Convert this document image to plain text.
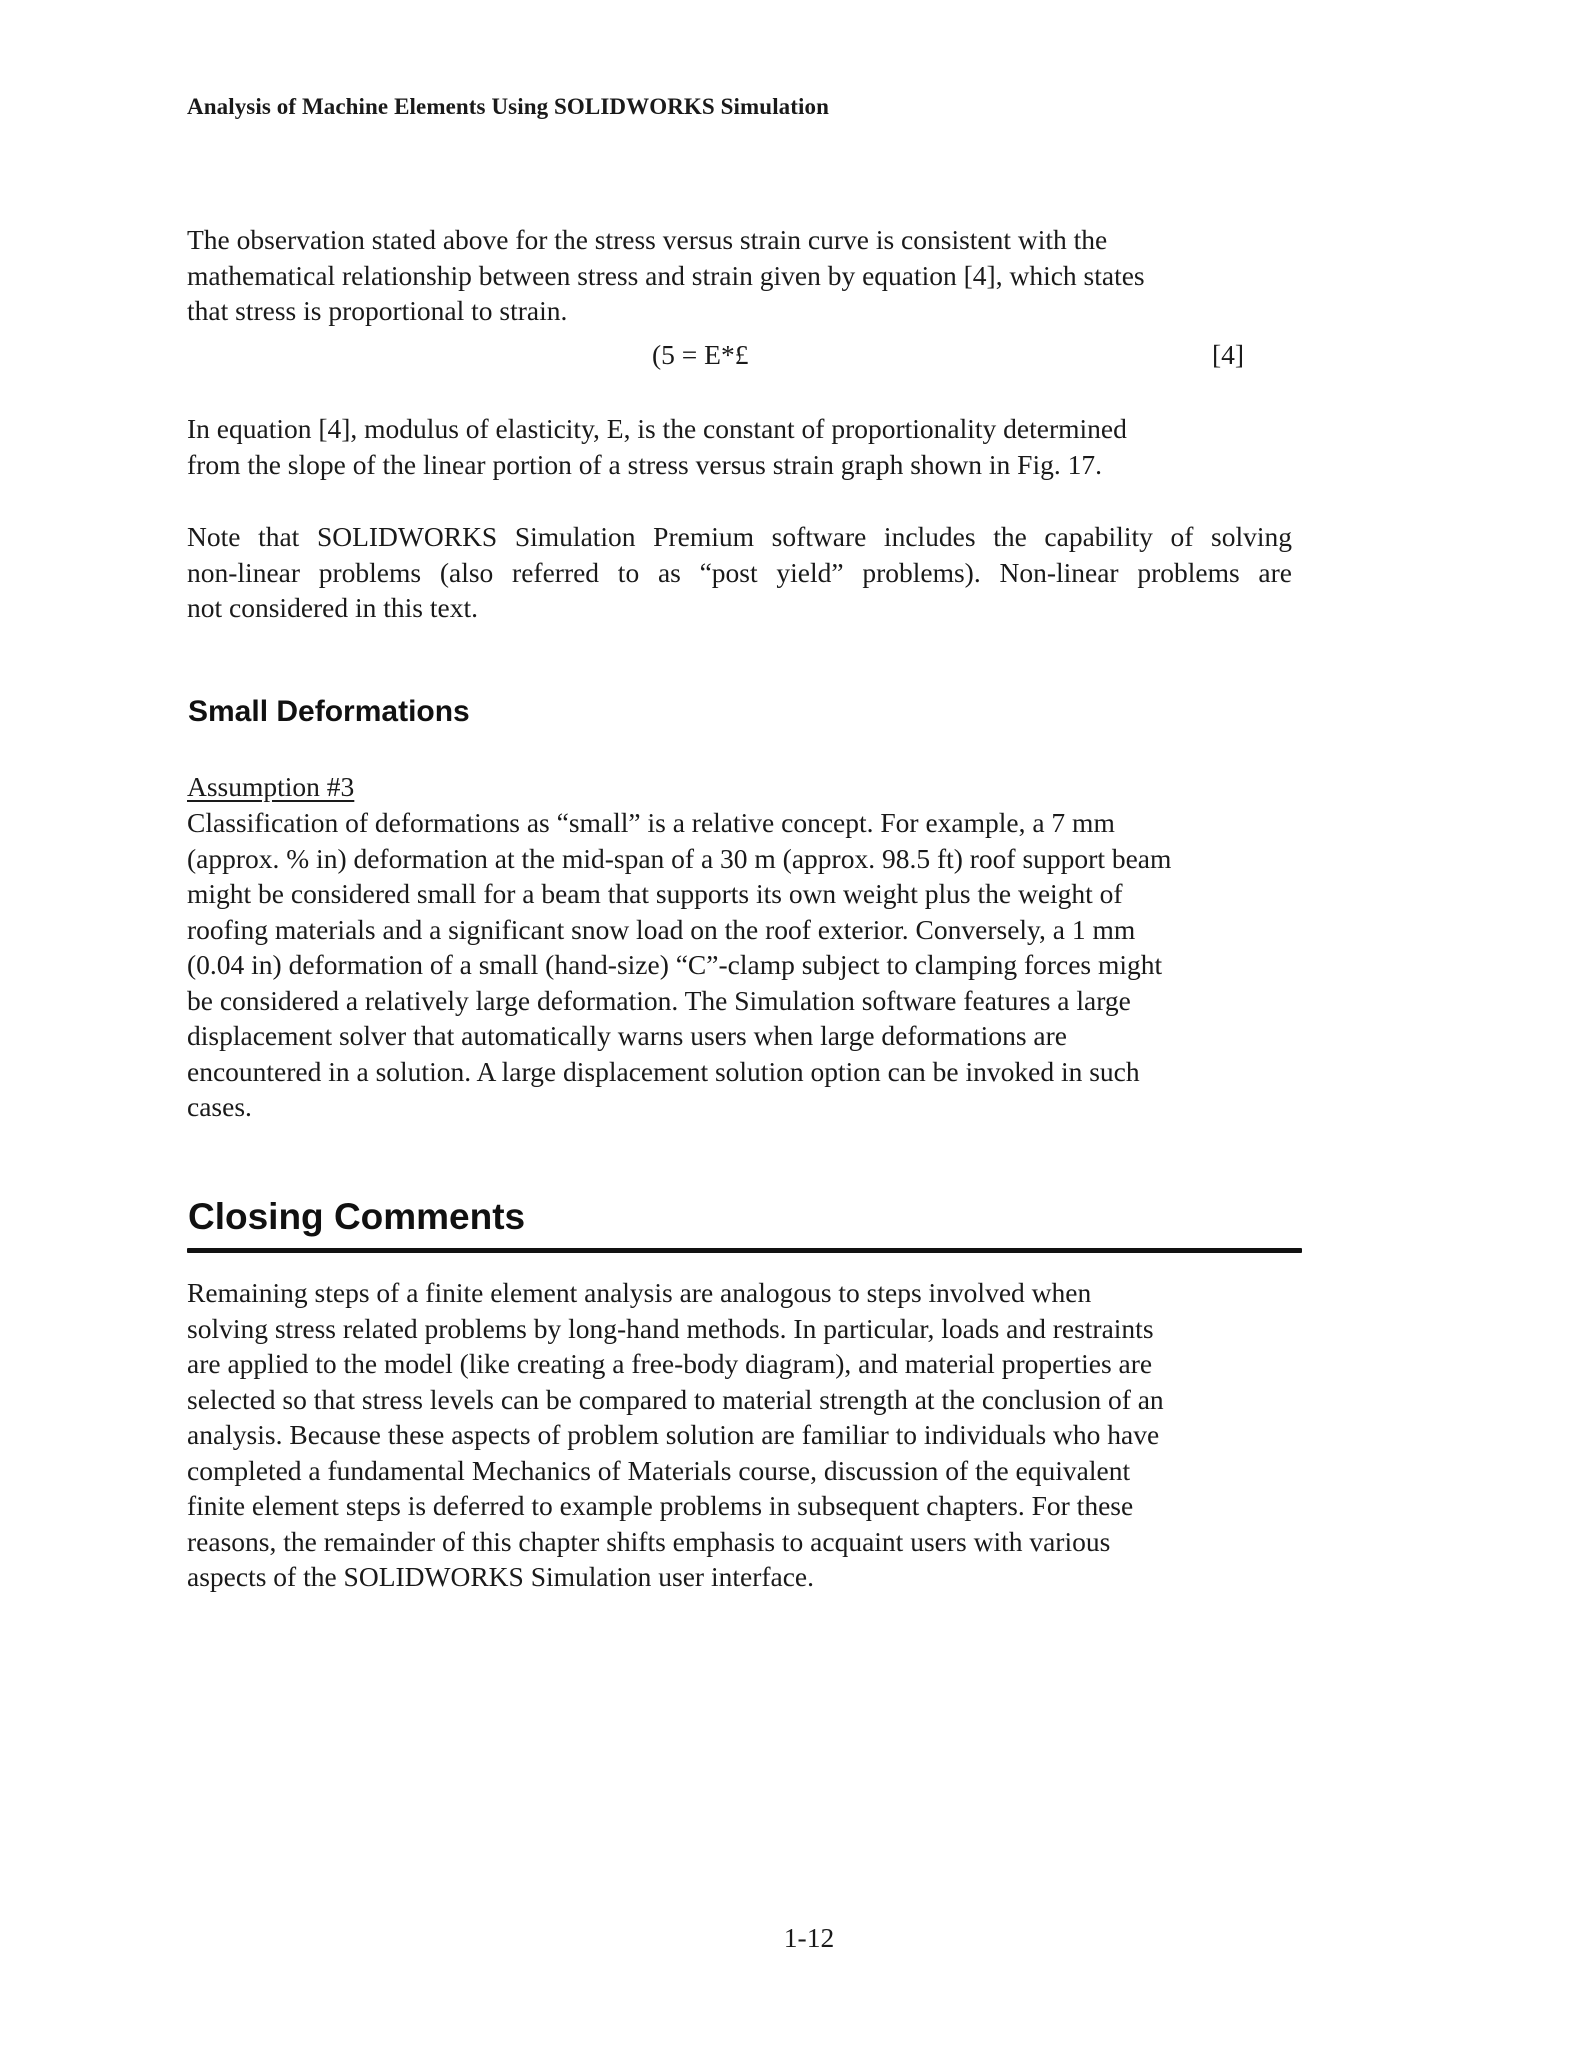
Analysis of Machine Elements Using SOLIDWORKS Simulation
The observation stated above for the stress versus strain curve is consistent with the
mathematical relationship between stress and strain given by equation [4], which states
that stress is proportional to strain.
(5 = E*£	[4]
In equation [4], modulus of elasticity, E, is the constant of proportionality determined
from the slope of the linear portion of a stress versus strain graph shown in Fig. 17.
Note that SOLIDWORKS Simulation Premium software includes the capability of solving
non-linear problems (also referred to as “post yield” problems). Non-linear problems are
not considered in this text.
Small Deformations
Assumption #3
Classification of deformations as “small” is a relative concept. For example, a 7 mm
(approx. % in) deformation at the mid-span of a 30 m (approx. 98.5 ft) roof support beam
might be considered small for a beam that supports its own weight plus the weight of
roofing materials and a significant snow load on the roof exterior. Conversely, a 1 mm
(0.04 in) deformation of a small (hand-size) “C”-clamp subject to clamping forces might
be considered a relatively large deformation. The Simulation software features a large
displacement solver that automatically warns users when large deformations are
encountered in a solution. A large displacement solution option can be invoked in such
cases.
Closing Comments
Remaining steps of a finite element analysis are analogous to steps involved when
solving stress related problems by long-hand methods. In particular, loads and restraints
are applied to the model (like creating a free-body diagram), and material properties are
selected so that stress levels can be compared to material strength at the conclusion of an
analysis. Because these aspects of problem solution are familiar to individuals who have
completed a fundamental Mechanics of Materials course, discussion of the equivalent
finite element steps is deferred to example problems in subsequent chapters. For these
reasons, the remainder of this chapter shifts emphasis to acquaint users with various
aspects of the SOLIDWORKS Simulation user interface.
1-12
